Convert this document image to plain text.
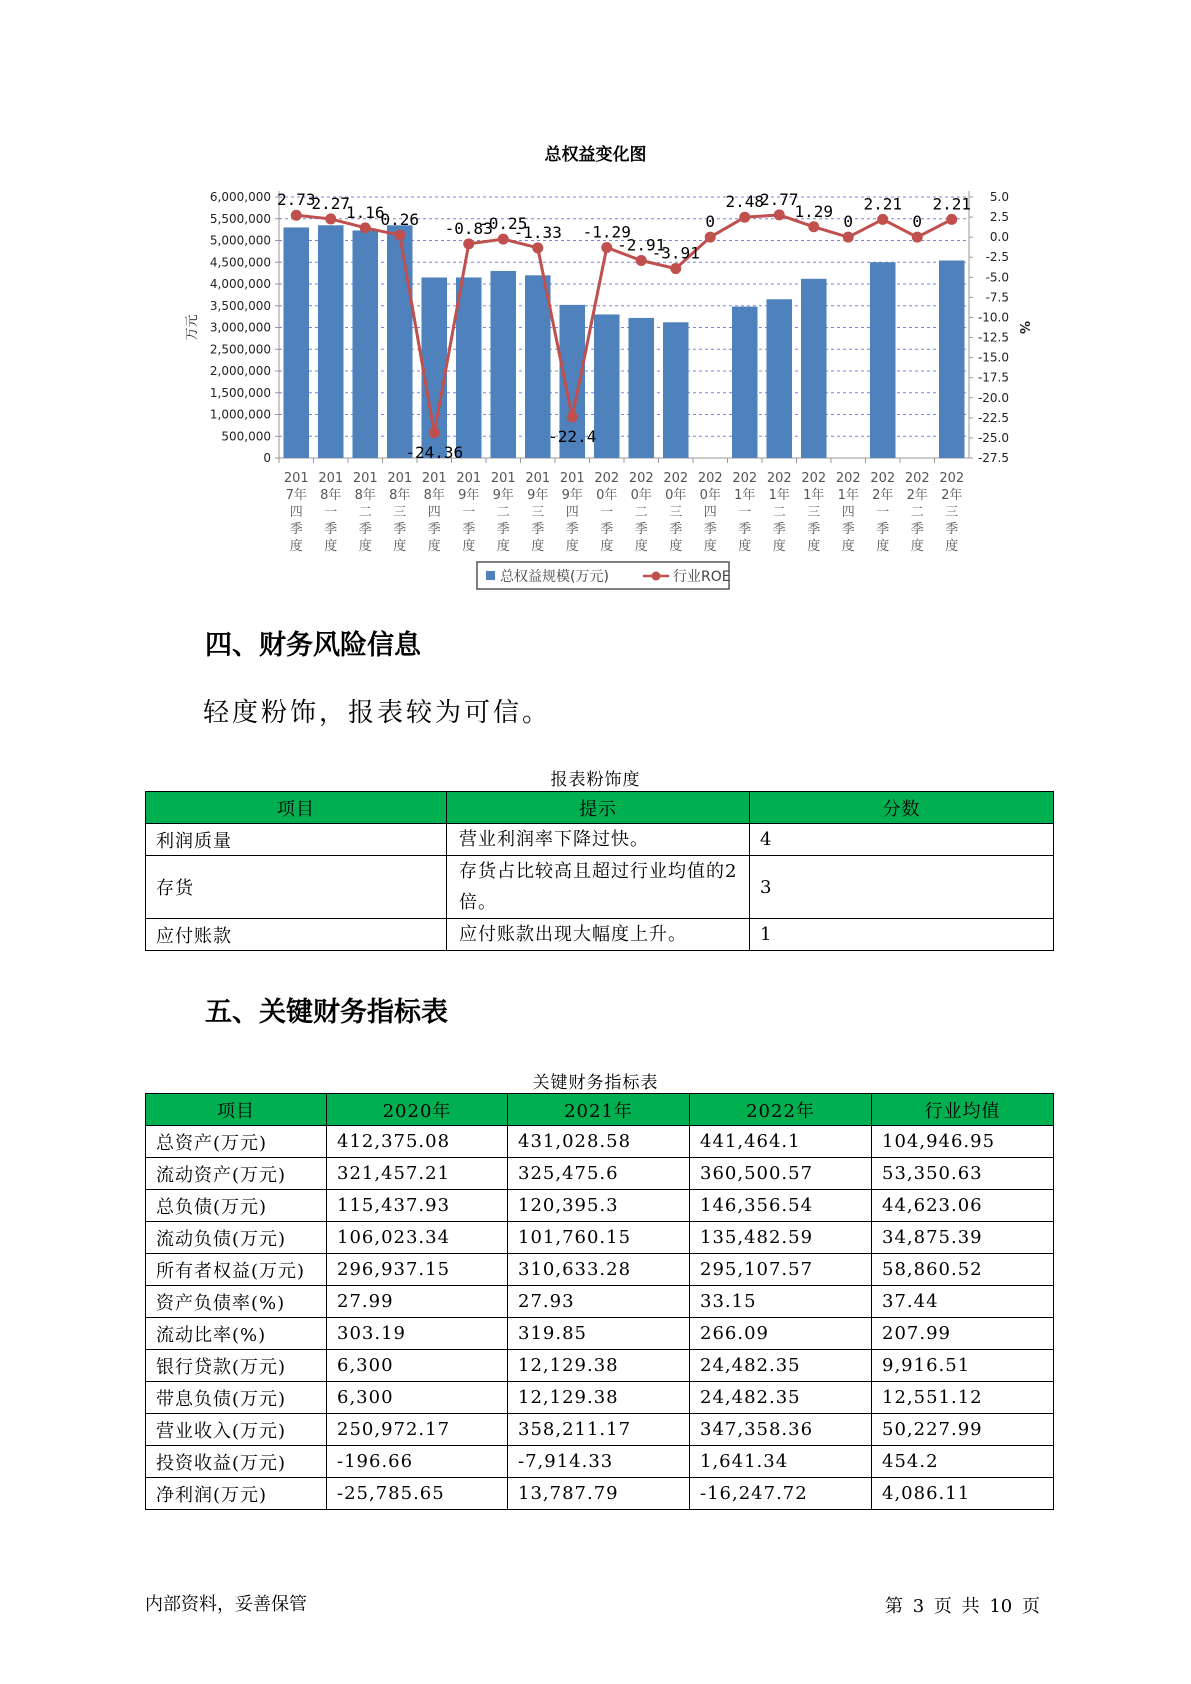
总权益变化图
6,000,000
5,500,000
5,000,000
4,500,000
4,000,000
3,500,000
3,000,000
2,500,000
2,000,000
1,500,000
1,000,000
500,000
0
5.0
2.5
0.0
-2.5
-5.0
-7.5
-10.0
-12.5
-15.0
-17.5
-20.0
-22.5
-25.0
-27.5
万元	%
201
7年
四
季
度
201
8年
一
季
度
201
8年
二
季
度
201
8年
三
季
度
201
8年
四
季
度
201
9年
一
季
度
201
9年
二
季
度
201
9年
三
季
度
201
9年
四
季
度
202
0年
一
季
度
202
0年
二
季
度
202
0年
三
季
度
202
0年
四
季
度
202
1年
一
季
度
202
1年
二
季
度
202
1年
三
季
度
202
1年
四
季
度
202
2年
一
季
度
202
2年
二
季
度
202
2年
三
季
度
2.73
2.27
1.16
0.26
-24.36
-0.83
-0.25
-1.33
-22.4
-1.29
-2.91
-3.91
0
2.48
2.77
1.29
0
2.21
0
2.21
总权益规模(万元)	行业ROE
四、财务风险信息
轻度粉饰，报表较为可信。
报表粉饰度
项目	提示	分数
利润质量	营业利润率下降过快。	4
存货	存货占比较高且超过行业均值的2倍。	3
应付账款	应付账款出现大幅度上升。	1
五、关键财务指标表
关键财务指标表
项目	2020年	2021年	2022年	行业均值
总资产(万元)	412,375.08	431,028.58	441,464.1	104,946.95
流动资产(万元)	321,457.21	325,475.6	360,500.57	53,350.63
总负债(万元)	115,437.93	120,395.3	146,356.54	44,623.06
流动负债(万元)	106,023.34	101,760.15	135,482.59	34,875.39
所有者权益(万元)	296,937.15	310,633.28	295,107.57	58,860.52
资产负债率(%)	27.99	27.93	33.15	37.44
流动比率(%)	303.19	319.85	266.09	207.99
银行贷款(万元)	6,300	12,129.38	24,482.35	9,916.51
带息负债(万元)	6,300	12,129.38	24,482.35	12,551.12
营业收入(万元)	250,972.17	358,211.17	347,358.36	50,227.99
投资收益(万元)	-196.66	-7,914.33	1,641.34	454.2
净利润(万元)	-25,785.65	13,787.79	-16,247.72	4,086.11
内部资料，妥善保管	第 3 页 共 10 页
